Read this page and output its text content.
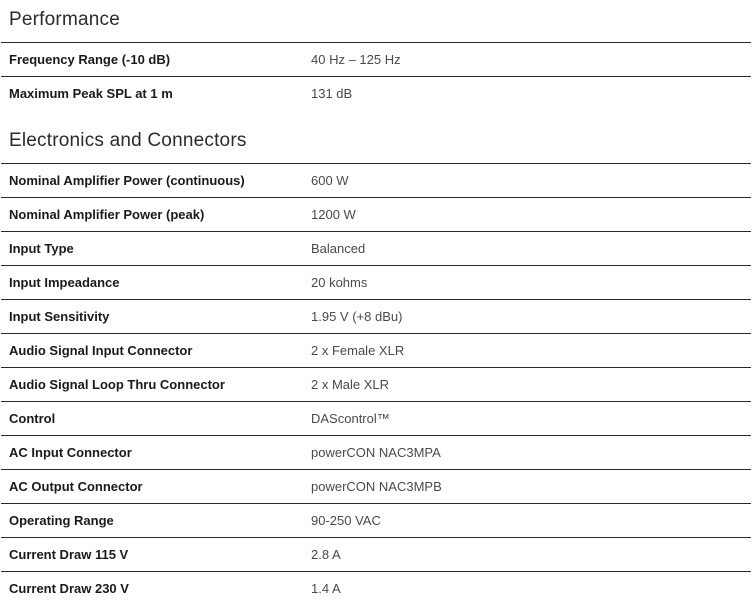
Performance
Frequency Range (-10 dB)	40 Hz – 125 Hz
Maximum Peak SPL at 1 m	131 dB
Electronics and Connectors
Nominal Amplifier Power (continuous)	600 W
Nominal Amplifier Power (peak)	1200 W
Input Type	Balanced
Input Impeadance	20 kohms
Input Sensitivity	1.95 V (+8 dBu)
Audio Signal Input Connector	2 x Female XLR
Audio Signal Loop Thru Connector	2 x Male XLR
Control	DAScontrol™
AC Input Connector	powerCON NAC3MPA
AC Output Connector	powerCON NAC3MPB
Operating Range	90-250 VAC
Current Draw 115 V	2.8 A
Current Draw 230 V	1.4 A
